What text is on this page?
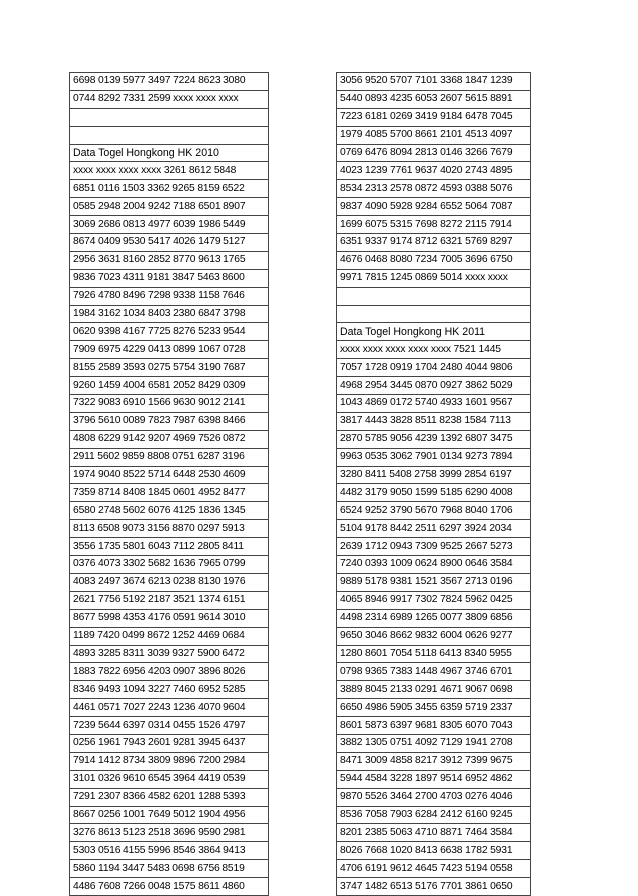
6698 0139 5977 3497 7224 8623 3080
0744 8292 7331 2599 xxxx xxxx xxxx

Data Togel Hongkong HK 2010
xxxx xxxx xxxx xxxx 3261 8612 5848
6851 0116 1503 3362 9265 8159 6522
0585 2948 2004 9242 7188 6501 8907
3069 2686 0813 4977 6039 1986 5449
8674 0409 9530 5417 4026 1479 5127
2956 3631 8160 2852 8770 9613 1765
9836 7023 4311 9181 3847 5463 8600
7926 4780 8496 7298 9338 1158 7646
1984 3162 1034 8403 2380 6847 3798
0620 9398 4167 7725 8276 5233 9544
7909 6975 4229 0413 0899 1067 0728
8155 2589 3593 0275 5754 3190 7687
9260 1459 4004 6581 2052 8429 0309
7322 9083 6910 1566 9630 9012 2141
3796 5610 0089 7823 7987 6398 8466
4808 6229 9142 9207 4969 7526 0872
2911 5602 9859 8808 0751 6287 3196
1974 9040 8522 5714 6448 2530 4609
7359 8714 8408 1845 0601 4952 8477
6580 2748 5602 6076 4125 1836 1345
8113 6508 9073 3156 8870 0297 5913
3556 1735 5801 6043 7112 2805 8411
0376 4073 3302 5682 1636 7965 0799
4083 2497 3674 6213 0238 8130 1976
2621 7756 5192 2187 3521 1374 6151
8677 5998 4353 4176 0591 9614 3010
1189 7420 0499 8672 1252 4469 0684
4893 3285 8311 3039 9327 5900 6472
1883 7822 6956 4203 0907 3896 8026
8346 9493 1094 3227 7460 6952 5285
4461 0571 7027 2243 1236 4070 9604
7239 5644 6397 0314 0455 1526 4797
0256 1961 7943 2601 9281 3945 6437
7914 1412 8734 3809 9896 7200 2984
3101 0326 9610 6545 3964 4419 0539
7291 2307 8366 4582 6201 1288 5393
8667 0256 1001 7649 5012 1904 4956
3276 8613 5123 2518 3696 9590 2981
5303 0516 4155 5996 8546 3864 9413
5860 1194 3447 5483 0698 6756 8519
4486 7608 7266 0048 1575 8611 4860
3056 9520 5707 7101 3368 1847 1239
5440 0893 4235 6053 2607 5615 8891
7223 6181 0269 3419 9184 6478 7045
1979 4085 5700 8661 2101 4513 4097
0769 6476 8094 2813 0146 3266 7679
4023 1239 7761 9637 4020 2743 4895
8534 2313 2578 0872 4593 0388 5076
9837 4090 5928 9284 6552 5064 7087
1699 6075 5315 7698 8272 2115 7914
6351 9337 9174 8712 6321 5769 8297
4676 0468 8080 7234 7005 3696 6750
9971 7815 1245 0869 5014 xxxx xxxx

Data Togel Hongkong HK 2011
xxxx xxxx xxxx xxxx xxxx 7521 1445
7057 1728 0919 1704 2480 4044 9806
4968 2954 3445 0870 0927 3862 5029
1043 4869 0172 5740 4933 1601 9567
3817 4443 3828 8511 8238 1584 7113
2870 5785 9056 4239 1392 6807 3475
9963 0535 3062 7901 0134 9273 7894
3280 8411 5408 2758 3999 2854 6197
4482 3179 9050 1599 5185 6290 4008
6524 9252 3790 5670 7968 8040 1706
5104 9178 8442 2511 6297 3924 2034
2639 1712 0943 7309 9525 2667 5273
7240 0393 1009 0624 8900 0646 3584
9889 5178 9381 1521 3567 2713 0196
4065 8946 9917 7302 7824 5962 0425
4498 2314 6989 1265 0077 3809 6856
9650 3046 8662 9832 6004 0626 9277
1280 8601 7054 5118 6413 8340 5955
0798 9365 7383 1448 4967 3746 6701
3889 8045 2133 0291 4671 9067 0698
6650 4986 5905 3455 6359 5719 2337
8601 5873 6397 9681 8305 6070 7043
3882 1305 0751 4092 7129 1941 2708
8471 3009 4858 8217 3912 7399 9675
5944 4584 3228 1897 9514 6952 4862
9870 5526 3464 2700 4703 0276 4046
8536 7058 7903 6284 2412 6160 9245
8201 2385 5063 4710 8871 7464 3584
8026 7668 1020 8413 6638 1782 5931
4706 6191 9612 4645 7423 5194 0558
3747 1482 6513 5176 7701 3861 0650
